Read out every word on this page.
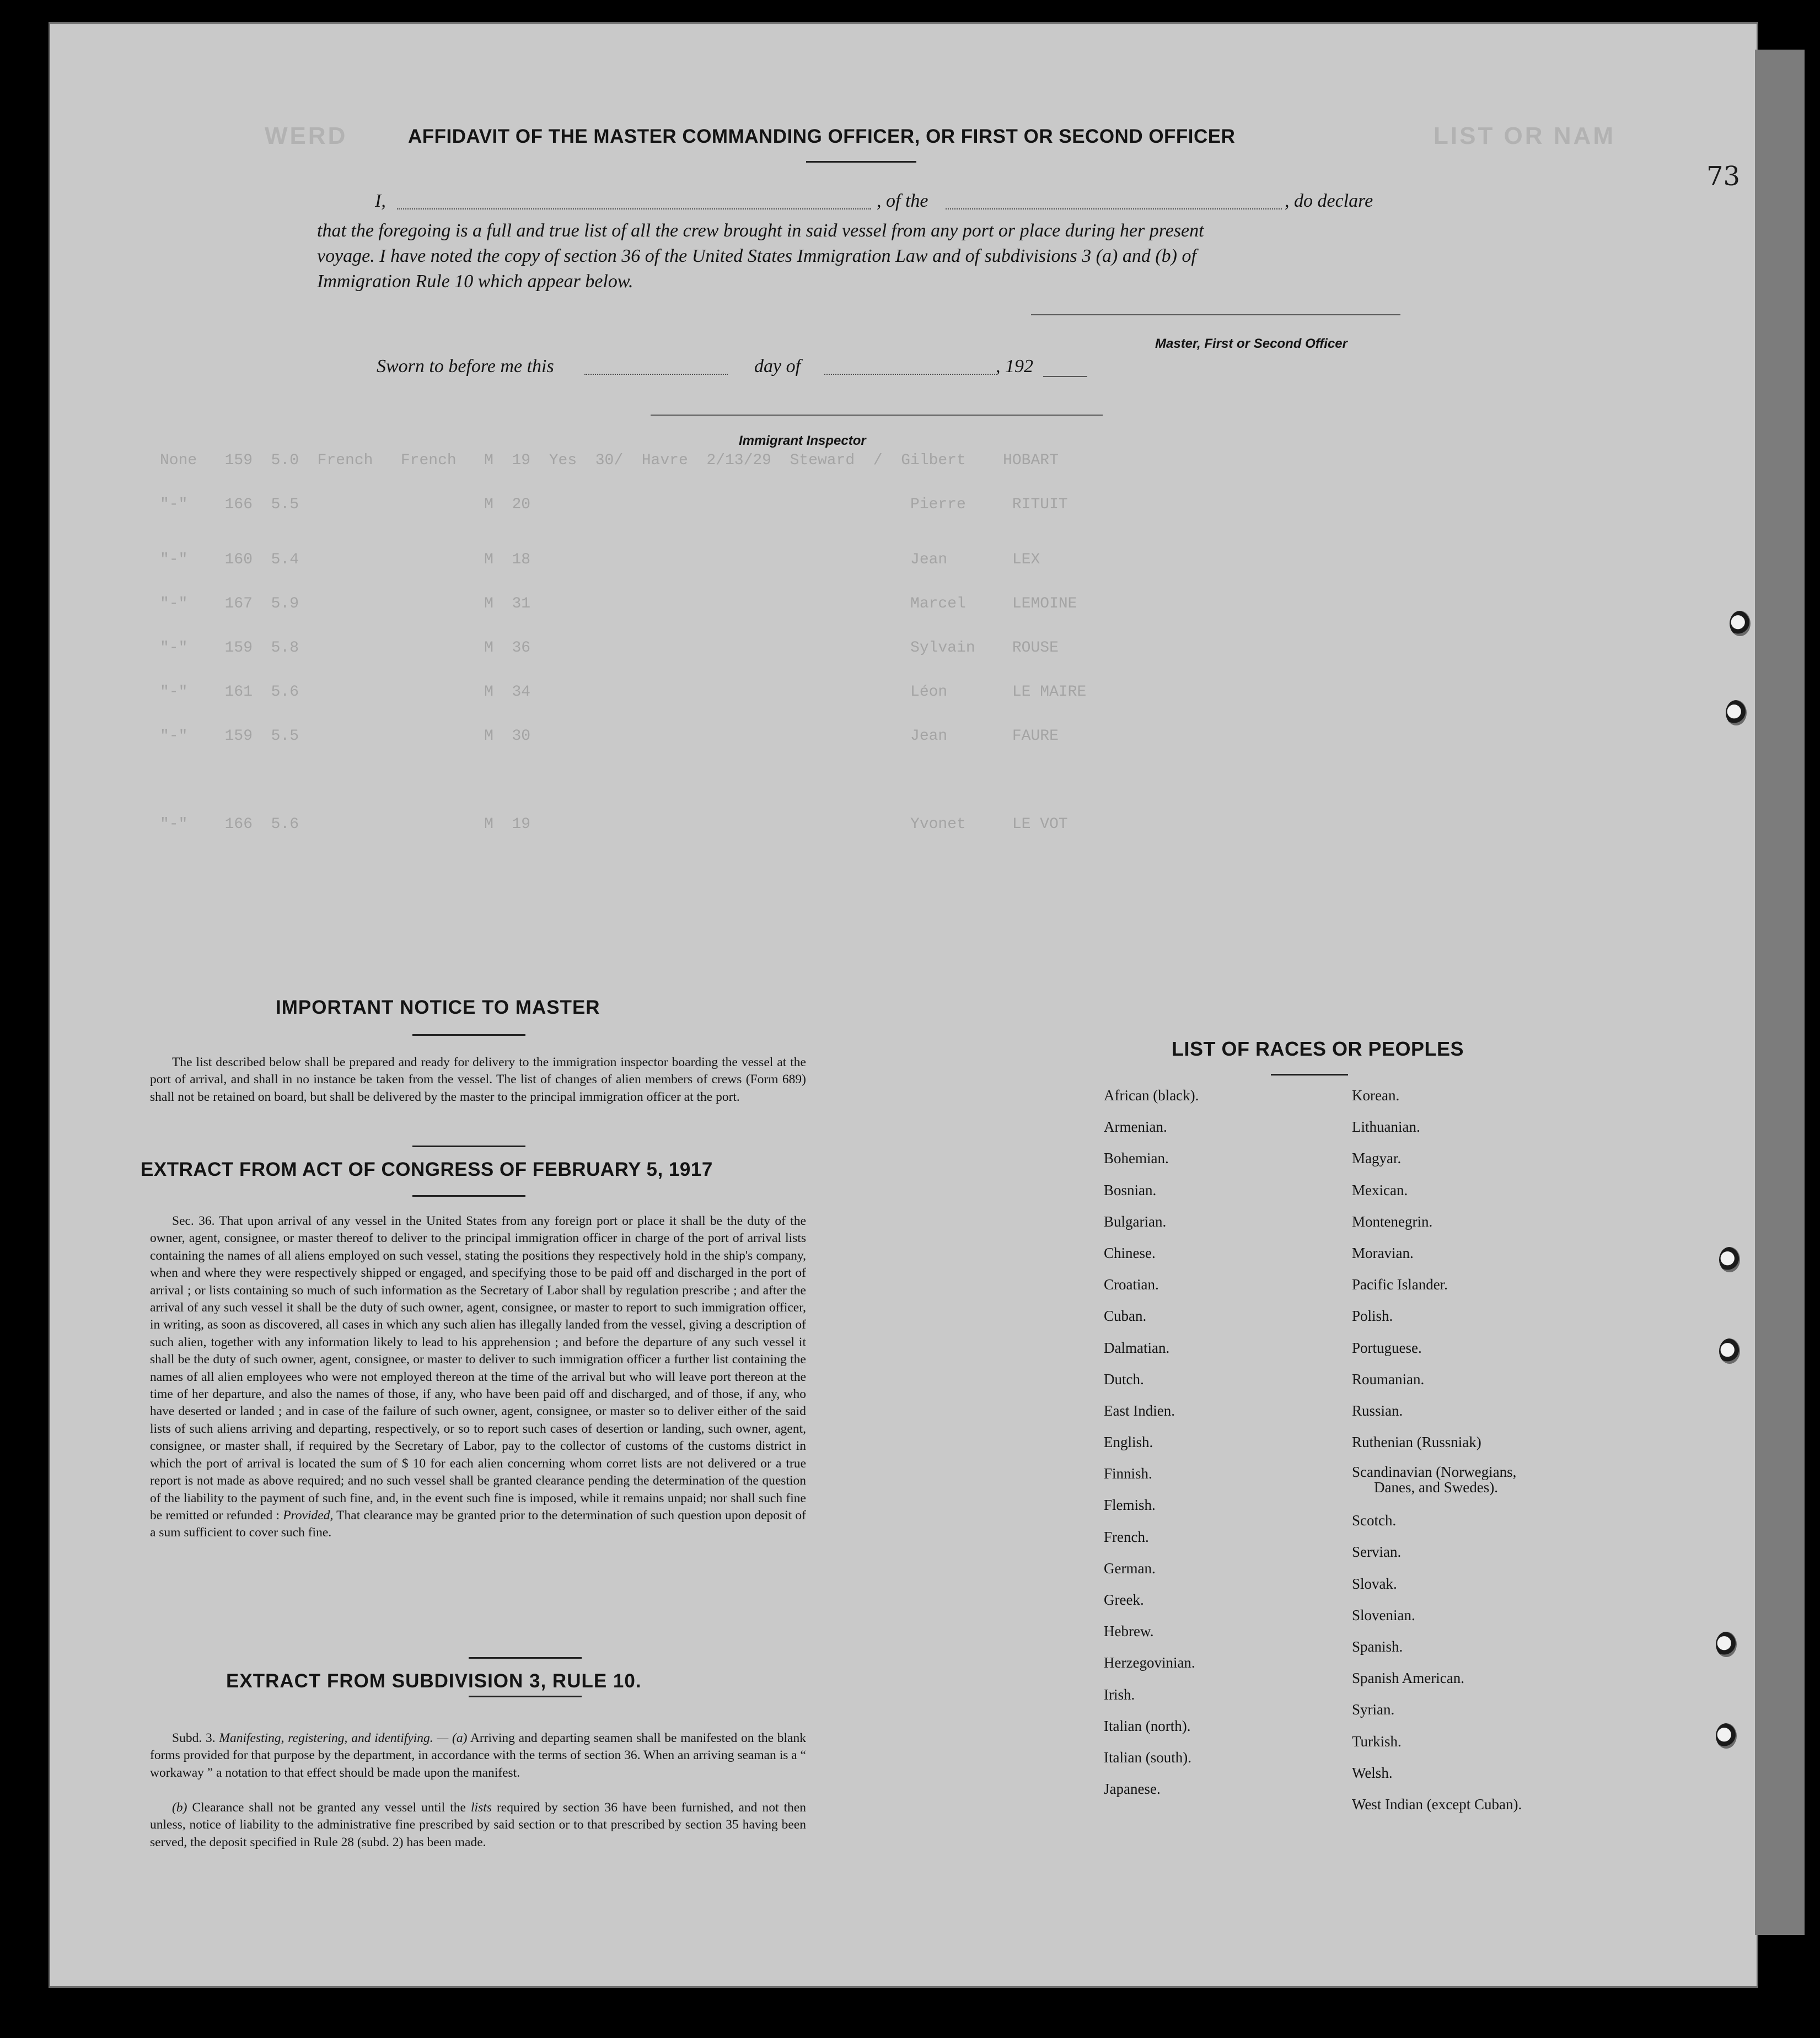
WERD	LIST OR NAM
None   159  5.0  French   French   M  19  Yes  30/  Havre  2/13/29  Steward  /  Gilbert    HOBART
"-"    166  5.5                    M  20                                         Pierre     RITUIT
"-"    160  5.4                    M  18                                         Jean       LEX
"-"    167  5.9                    M  31                                         Marcel     LEMOINE
"-"    159  5.8                    M  36                                         Sylvain    ROUSE
"-"    161  5.6                    M  34                                         Léon       LE MAIRE
"-"    159  5.5                    M  30                                         Jean       FAURE
"-"    166  5.6                    M  19                                         Yvonet     LE VOT
73
AFFIDAVIT OF THE MASTER COMMANDING OFFICER, OR FIRST OR SECOND OFFICER
I,	, of the	, do declare
that the foregoing is a full and true list of all the crew brought in said vessel from any port or place during her present
voyage. I have noted the copy of section 36 of the United States Immigration Law and of subdivisions 3 (a) and (b) of
Immigration Rule 10 which appear below.
Master, First or Second Officer
Sworn to before me this	day of	, 192
Immigrant Inspector
IMPORTANT NOTICE TO MASTER

The list described below shall be prepared and ready for delivery to the immigration inspector boarding the vessel at the port of arrival, and shall in no instance be taken from the vessel. The list of changes of alien members of crews (Form 689) shall not be retained on board, but shall be delivered by the master to the principal immigration officer at the port.

EXTRACT FROM ACT OF CONGRESS OF FEBRUARY 5, 1917

Sec. 36. That upon arrival of any vessel in the United States from any foreign port or place it shall be the duty of the owner, agent, consignee, or master thereof to deliver to the principal immigration officer in charge of the port of arrival lists containing the names of all aliens employed on such vessel, stating the positions they respectively hold in the ship's company, when and where they were respectively shipped or engaged, and specifying those to be paid off and discharged in the port of arrival ; or lists containing so much of such information as the Secretary of Labor shall by regulation prescribe ; and after the arrival of any such vessel it shall be the duty of such owner, agent, consignee, or master to report to such immigration officer, in writing, as soon as discovered, all cases in which any such alien has illegally landed from the vessel, giving a description of such alien, together with any information likely to lead to his apprehension ; and before the departure of any such vessel it shall be the duty of such owner, agent, consignee, or master to deliver to such immigration officer a further list containing the names of all alien employees who were not employed thereon at the time of the arrival but who will leave port thereon at the time of her departure, and also the names of those, if any, who have been paid off and discharged, and of those, if any, who have deserted or landed ; and in case of the failure of such owner, agent, consignee, or master so to deliver either of the said lists of such aliens arriving and departing, respectively, or so to report such cases of desertion or landing, such owner, agent, consignee, or master shall, if required by the Secretary of Labor, pay to the collector of customs of the customs district in which the port of arrival is located the sum of $ 10 for each alien concerning whom corret lists are not delivered or a true report is not made as above required; and no such vessel shall be granted clearance pending the determination of the question of the liability to the payment of such fine, and, in the event such fine is imposed, while it remains unpaid; nor shall such fine be remitted or refunded : Provided, That clearance may be granted prior to the determination of such question upon deposit of a sum sufficient to cover such fine.

EXTRACT FROM SUBDIVISION 3, RULE 10.

Subd. 3. Manifesting, registering, and identifying. — (a) Arriving and departing seamen shall be manifested on the blank forms provided for that purpose by the department, in accordance with the terms of section 36. When an arriving seaman is a “ workaway ” a notation to that effect should be made upon the manifest.

(b) Clearance shall not be granted any vessel until the lists required by section 36 have been furnished, and not then unless, notice of liability to the administrative fine prescribed by said section or to that prescribed by section 35 having been served, the deposit specified in Rule 28 (subd. 2) has been made.

LIST OF RACES OR PEOPLES
African (black).
Armenian.
Bohemian.
Bosnian.
Bulgarian.
Chinese.
Croatian.
Cuban.
Dalmatian.
Dutch.
East Indien.
English.
Finnish.
Flemish.
French.
German.
Greek.
Hebrew.
Herzegovinian.
Irish.
Italian (north).
Italian (south).
Japanese.
Korean.
Lithuanian.
Magyar.
Mexican.
Montenegrin.
Moravian.
Pacific Islander.
Polish.
Portuguese.
Roumanian.
Russian.
Ruthenian (Russniak)
Scandinavian (Norwegians,
Danes, and Swedes).
Scotch.
Servian.
Slovak.
Slovenian.
Spanish.
Spanish American.
Syrian.
Turkish.
Welsh.
West Indian (except Cuban).
